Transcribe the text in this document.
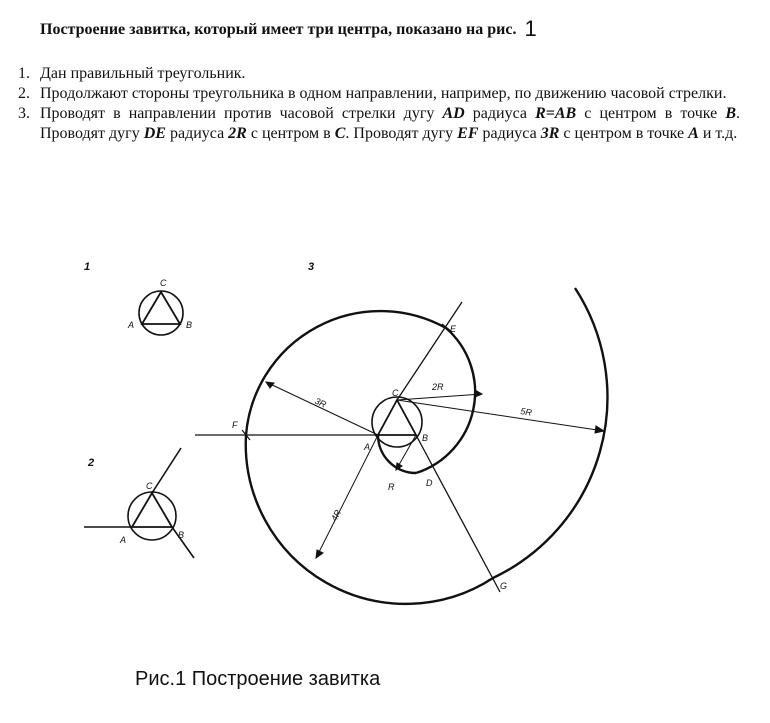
Построение завитка, который имеет три центра, показано на рис. 1
1. Дан правильный треугольник.
2. Продолжают стороны треугольника в одном направлении, например, по движению часовой стрелки.
3. Проводят в направлении против часовой стрелки дугу AD радиуса R=AB с центром в точке B. Проводят дугу DE радиуса 2R с центром в C. Проводят дугу EF радиуса 3R с центром в точке A и т.д.
1
C
A	B
2
C
A	B
3
C
A
B
D
E
F
G
3R
2R
5R
4R
R
Рис.1 Построение завитка
